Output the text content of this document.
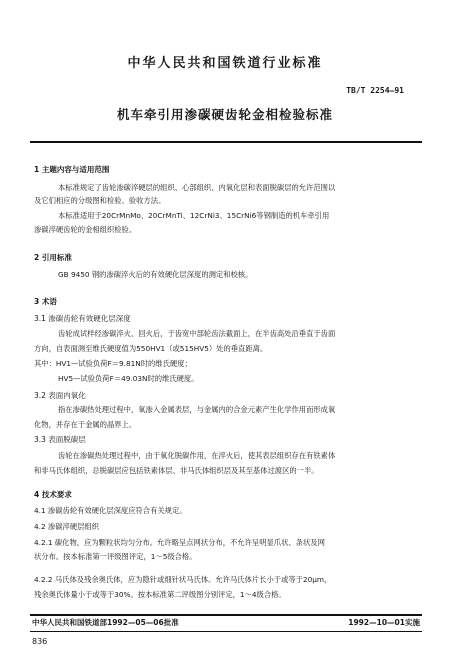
中华人民共和国铁道行业标准
TB/T 2254—91
机车牵引用渗碳硬齿轮金相检验标准
1 主题内容与适用范围
本标准规定了齿轮渗碳淬硬层的组织、心部组织、内氧化层和表面脱碳层的允许范围以
及它们相应的分级图和检验、验收方法。
本标准适用于20CrMnMo、20CrMnTi、12CrNi3、15CrNi6等钢制造的机车牵引用
渗碳淬硬齿轮的金相组织检验。
2 引用标准
GB 9450 钢的渗碳淬火后的有效硬化层深度的测定和校核。
3 术语
3.1 渗碳齿轮有效硬化层深度
齿轮成试样经渗碳淬火、回火后，于齿宽中部轮齿法截面上，在半齿高处沿垂直于齿面
方向，自表面测至维氏硬度值为550HV1（或515HV5）处的垂直距离。
其中：HV1—试验负荷F＝9.81N时的维氏硬度；
HV5—试验负荷F＝49.03N时的维氏硬度。
3.2 表面内氧化
指在渗碳热处理过程中，氧渗入金属表层，与金属内的合金元素产生化学作用而形成氧
化物，并存在于金属的晶界上。
3.3 表面脱碳层
齿轮在渗碳热处理过程中，由于氧化脱碳作用，在淬火后，使其表层组织存在有铁素体
和非马氏体组织，总脱碳层应包括铁素体层、非马氏体组织层及其至基体过渡区的一半。
4 技术要求
4.1 渗碳齿轮有效硬化层深度应符合有关规定。
4.2 渗碳淬硬层组织
4.2.1 碳化物，应为颗粒状均匀分布。允许略呈点网状分布，不允许呈明显爪状、条状及网
状分布。按本标准第一评级图评定，1～5级合格。
4.2.2 马氏体及残余奥氏体，应为隐针或细针状马氏体。允许马氏体片长小于或等于20μm，
残余奥氏体量小于或等于30%。按本标准第二评级图分别评定，1～4级合格。
中华人民共和国铁道部1992—05—06批准	1992—10—01实施
836
